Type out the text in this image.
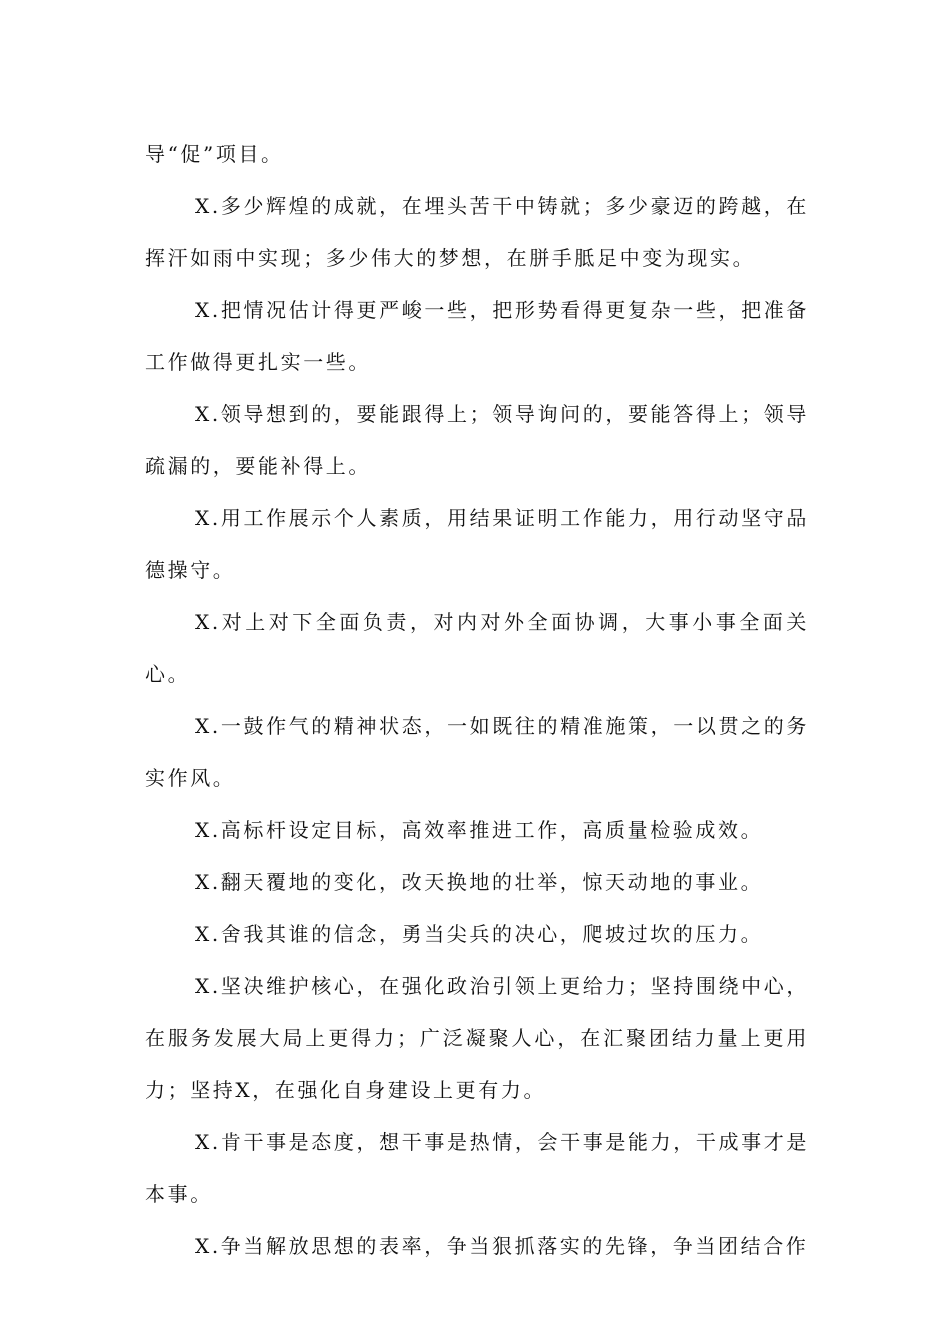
导“促”项目。

X.多少辉煌的成就，在埋头苦干中铸就；多少豪迈的跨越，在挥汗如雨中实现；多少伟大的梦想，在胼手胝足中变为现实。

X.把情况估计得更严峻一些，把形势看得更复杂一些，把准备工作做得更扎实一些。

X.领导想到的，要能跟得上；领导询问的，要能答得上；领导疏漏的，要能补得上。

X.用工作展示个人素质，用结果证明工作能力，用行动坚守品德操守。

X.对上对下全面负责，对内对外全面协调，大事小事全面关心。

X.一鼓作气的精神状态，一如既往的精准施策，一以贯之的务实作风。

X.高标杆设定目标，高效率推进工作，高质量检验成效。

X.翻天覆地的变化，改天换地的壮举，惊天动地的事业。

X.舍我其谁的信念，勇当尖兵的决心，爬坡过坎的压力。

X.坚决维护核心，在强化政治引领上更给力；坚持围绕中心，在服务发展大局上更得力；广泛凝聚人心，在汇聚团结力量上更用力；坚持X，在强化自身建设上更有力。

X.肯干事是态度，想干事是热情，会干事是能力，干成事才是本事。

X.争当解放思想的表率，争当狠抓落实的先锋，争当团结合作
